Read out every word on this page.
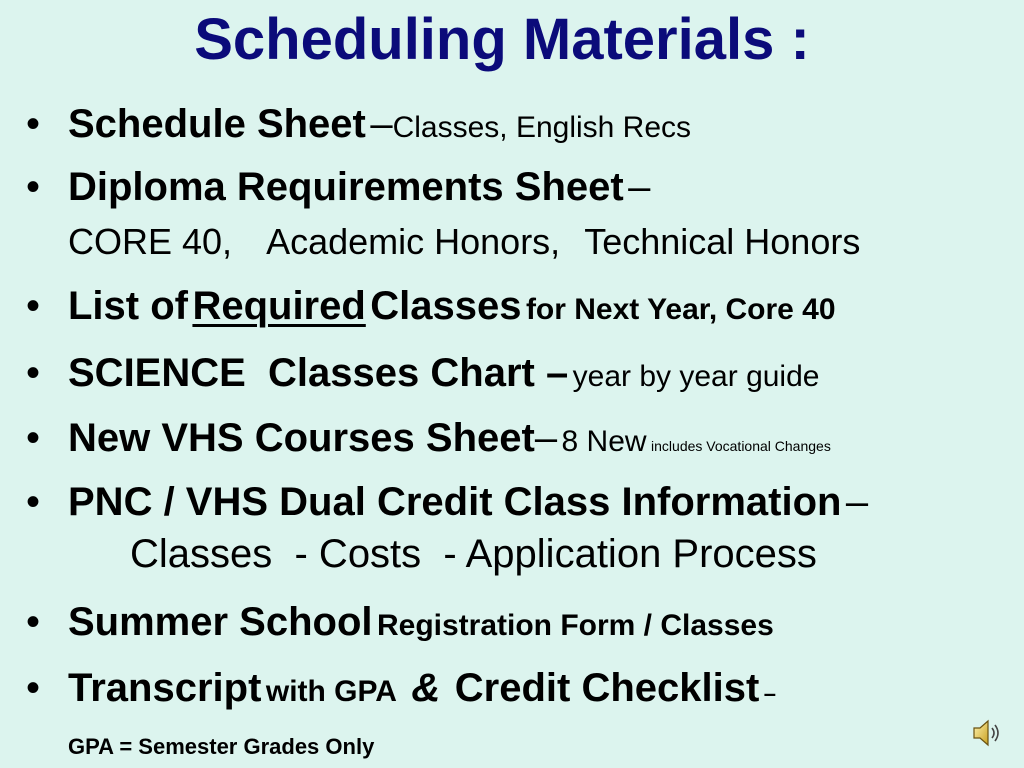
Scheduling Materials :
• Schedule Sheet –Classes, English Recs
• Diploma Requirements Sheet –
CORE 40, Academic Honors, Technical Honors
• List of Required Classes for Next Year, Core 40
• SCIENCE  Classes Chart – year by year guide
• New VHS Courses Sheet– 8 New includes Vocational Changes
• PNC / VHS Dual Credit Class Information –
Classes  - Costs  - Application Process
• Summer School Registration Form / Classes
• Transcript with GPA & Credit Checklist –
GPA = Semester Grades Only
